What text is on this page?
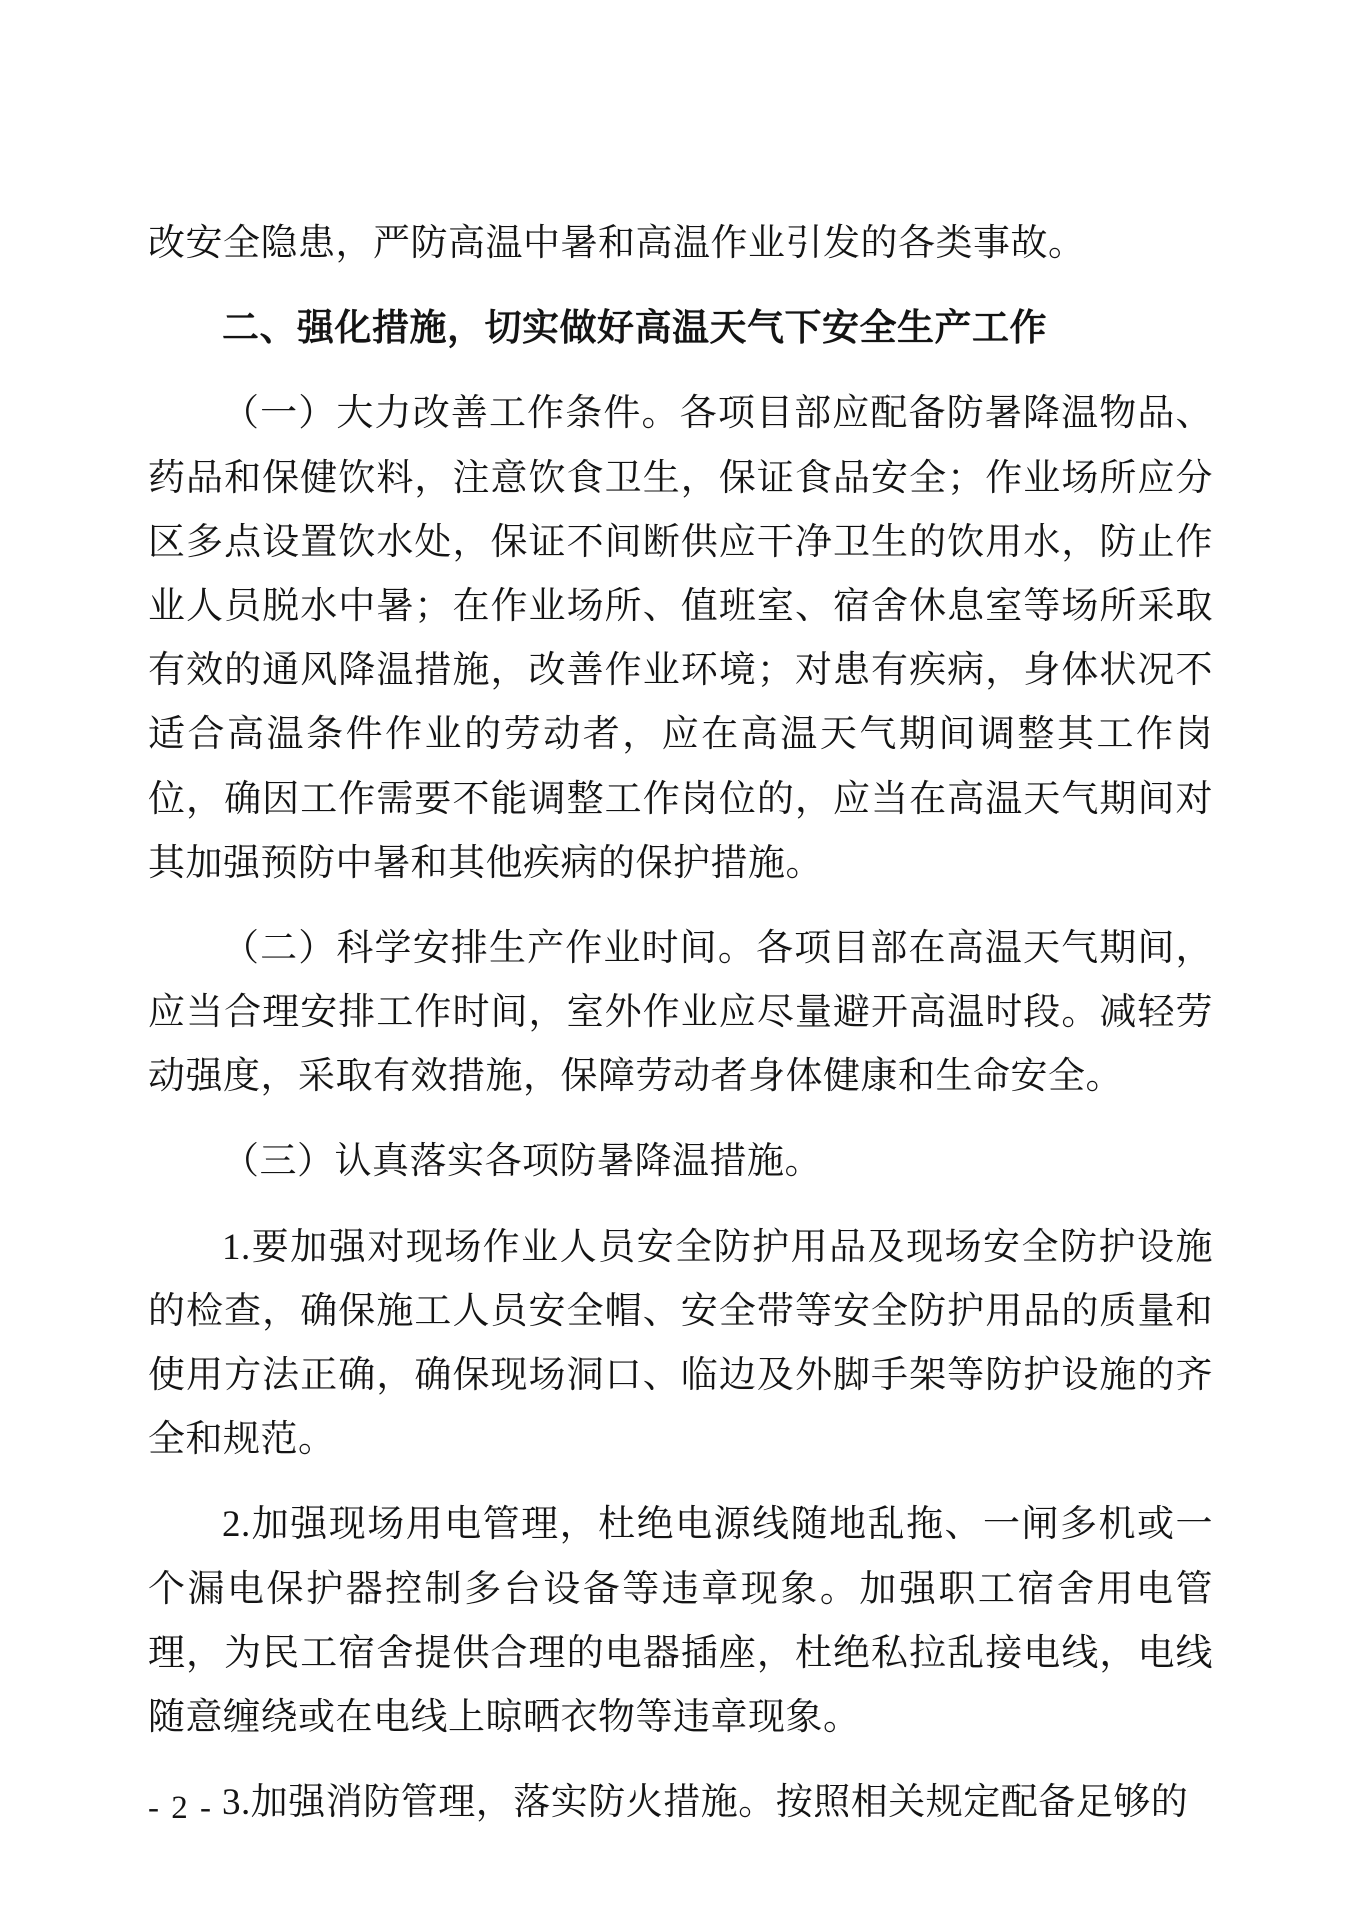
改安全隐患，严防高温中暑和高温作业引发的各类事故。

二、强化措施，切实做好高温天气下安全生产工作

（一）大力改善工作条件。各项目部应配备防暑降温物品、药品和保健饮料，注意饮食卫生，保证食品安全；作业场所应分区多点设置饮水处，保证不间断供应干净卫生的饮用水，防止作业人员脱水中暑；在作业场所、值班室、宿舍休息室等场所采取有效的通风降温措施，改善作业环境；对患有疾病，身体状况不适合高温条件作业的劳动者，应在高温天气期间调整其工作岗位，确因工作需要不能调整工作岗位的，应当在高温天气期间对其加强预防中暑和其他疾病的保护措施。

（二）科学安排生产作业时间。各项目部在高温天气期间，应当合理安排工作时间，室外作业应尽量避开高温时段。减轻劳动强度，采取有效措施，保障劳动者身体健康和生命安全。

（三）认真落实各项防暑降温措施。

1.要加强对现场作业人员安全防护用品及现场安全防护设施的检查，确保施工人员安全帽、安全带等安全防护用品的质量和使用方法正确，确保现场洞口、临边及外脚手架等防护设施的齐全和规范。

2.加强现场用电管理，杜绝电源线随地乱拖、一闸多机或一个漏电保护器控制多台设备等违章现象。加强职工宿舍用电管理，为民工宿舍提供合理的电器插座，杜绝私拉乱接电线，电线随意缠绕或在电线上晾晒衣物等违章现象。

3.加强消防管理，落实防火措施。按照相关规定配备足够的

- 2 -
